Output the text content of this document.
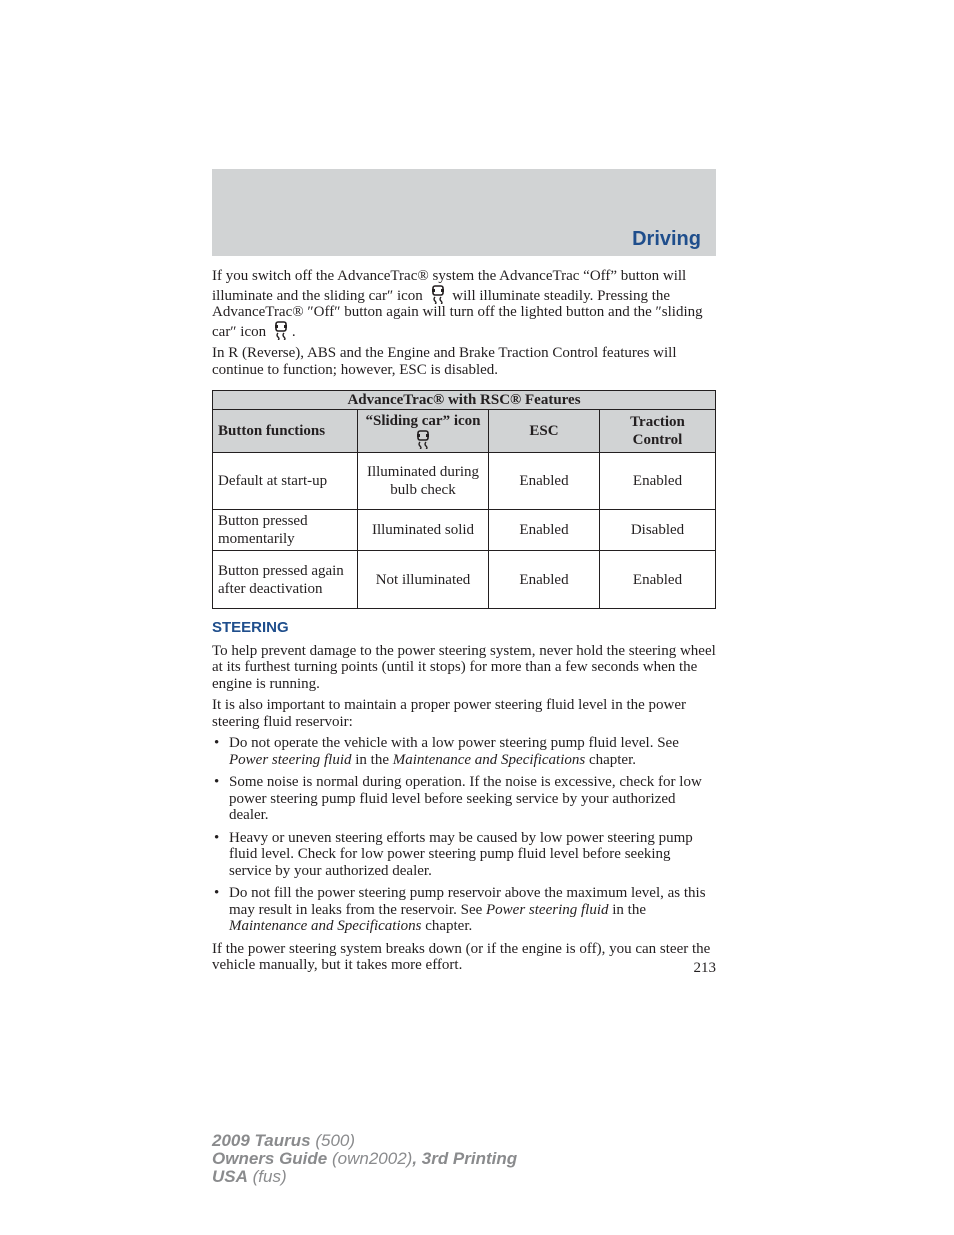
Driving

If you switch off the AdvanceTrac® system the AdvanceTrac “Off” button will illuminate and the sliding car″ icon will illuminate steadily. Pressing the AdvanceTrac® ″Off″ button again will turn off the lighted button and the ″sliding car″ icon .

In R (Reverse), ABS and the Engine and Brake Traction Control features will continue to function; however, ESC is disabled.

AdvanceTrac® with RSC® Features			
Button functions	“Sliding car” icon	ESC	Traction Control
Default at start-up	Illuminated during bulb check	Enabled	Enabled
Button pressed momentarily	Illuminated solid	Enabled	Disabled
Button pressed again after deactivation	Not illuminated	Enabled	Enabled
STEERING

To help prevent damage to the power steering system, never hold the steering wheel at its furthest turning points (until it stops) for more than a few seconds when the engine is running.

It is also important to maintain a proper power steering fluid level in the power steering fluid reservoir:

• Do not operate the vehicle with a low power steering pump fluid level. See Power steering fluid in the Maintenance and Specifications chapter.
• Some noise is normal during operation. If the noise is excessive, check for low power steering pump fluid level before seeking service by your authorized dealer.
• Heavy or uneven steering efforts may be caused by low power steering pump fluid level. Check for low power steering pump fluid level before seeking service by your authorized dealer.
• Do not fill the power steering pump reservoir above the maximum level, as this may result in leaks from the reservoir. See Power steering fluid in the Maintenance and Specifications chapter.

If the power steering system breaks down (or if the engine is off), you can steer the vehicle manually, but it takes more effort.	213
2009 Taurus (500)
Owners Guide (own2002), 3rd Printing
USA (fus)
